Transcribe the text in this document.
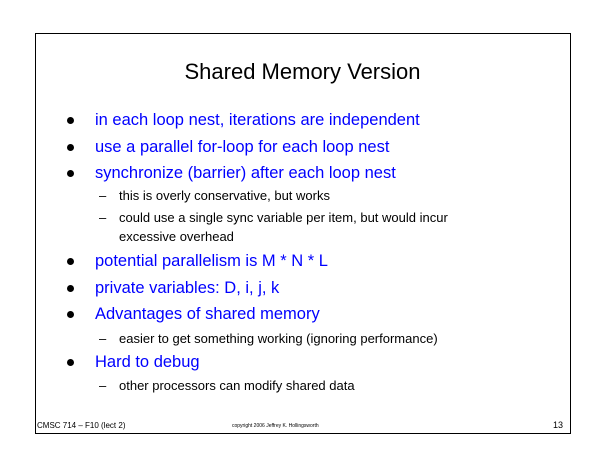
Shared Memory Version
in each loop nest, iterations are independent
use a parallel for-loop for each loop nest
synchronize (barrier) after each loop nest
– this is overly conservative, but works
– could use a single sync variable per item, but would incur
excessive overhead
potential parallelism is M * N * L
private variables: D, i, j, k
Advantages of shared memory
– easier to get something working (ignoring performance)
Hard to debug
– other processors can modify shared data
CMSC 714 – F10 (lect 2)	copyright 2006 Jeffrey K. Hollingsworth	13
